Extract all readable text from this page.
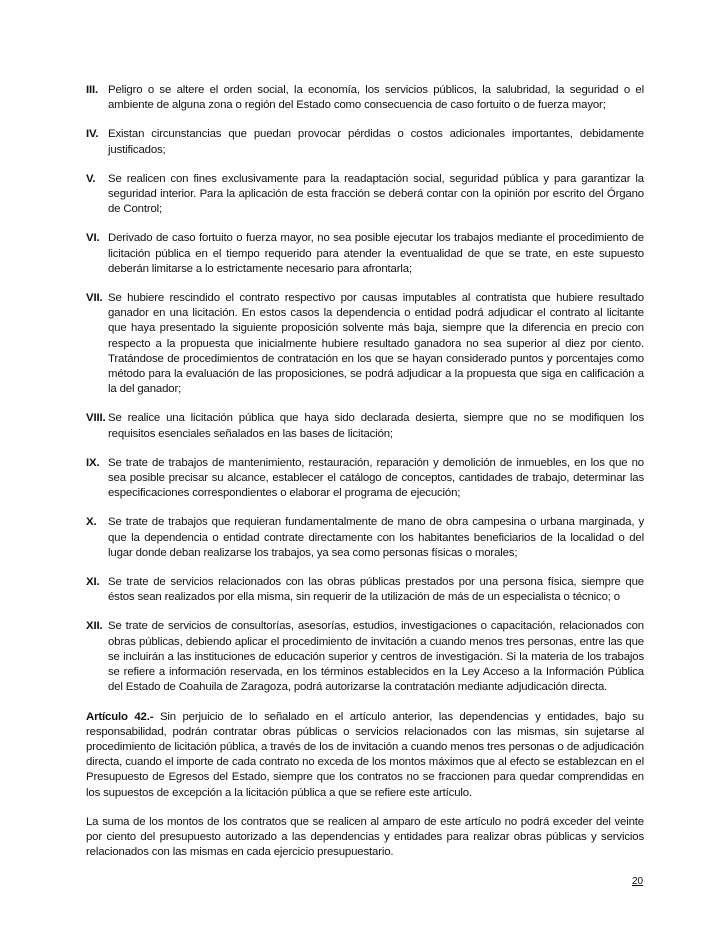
III. Peligro o se altere el orden social, la economía, los servicios públicos, la salubridad, la seguridad o el ambiente de alguna zona o región del Estado como consecuencia de caso fortuito o de fuerza mayor;
IV. Existan circunstancias que puedan provocar pérdidas o costos adicionales importantes, debidamente justificados;
V.	Se realicen con fines exclusivamente para la readaptación social, seguridad pública y para garantizar la seguridad interior. Para la aplicación de esta fracción se deberá contar con la opinión por escrito del Órgano de Control;
VI. Derivado de caso fortuito o fuerza mayor, no sea posible ejecutar los trabajos mediante el procedimiento de licitación pública en el tiempo requerido para atender la eventualidad de que se trate, en este supuesto deberán limitarse a lo estrictamente necesario para afrontarla;
VII. Se hubiere rescindido el contrato respectivo por causas imputables al contratista que hubiere resultado ganador en una licitación. En estos casos la dependencia o entidad podrá adjudicar el contrato al licitante que haya presentado la siguiente proposición solvente más baja, siempre que la diferencia en precio con respecto a la propuesta que inicialmente hubiere resultado ganadora no sea superior al diez por ciento. Tratándose de procedimientos de contratación en los que se hayan considerado puntos y porcentajes como método para la evaluación de las proposiciones, se podrá adjudicar a la propuesta que siga en calificación a la del ganador;
VIII. Se realice una licitación pública que haya sido declarada desierta, siempre que no se modifiquen los requisitos esenciales señalados en las bases de licitación;
IX. Se trate de trabajos de mantenimiento, restauración, reparación y demolición de inmuebles, en los que no sea posible precisar su alcance, establecer el catálogo de conceptos, cantidades de trabajo, determinar las especificaciones correspondientes o elaborar el programa de ejecución;
X.	Se trate de trabajos que requieran fundamentalmente de mano de obra campesina o urbana marginada, y que la dependencia o entidad contrate directamente con los habitantes beneficiarios de la localidad o del lugar donde deban realizarse los trabajos, ya sea como personas físicas o morales;
XI. Se trate de servicios relacionados con las obras públicas prestados por una persona física, siempre que éstos sean realizados por ella misma, sin requerir de la utilización de más de un especialista o técnico; o
XII. Se trate de servicios de consultorías, asesorías, estudios, investigaciones o capacitación, relacionados con obras públicas, debiendo aplicar el procedimiento de invitación a cuando menos tres personas, entre las que se incluirán a las instituciones de educación superior y centros de investigación. Si la materia de los trabajos se refiere a información reservada, en los términos establecidos en la Ley Acceso a la Información Pública del Estado de Coahuila de Zaragoza, podrá autorizarse la contratación mediante adjudicación directa.

Artículo 42.- Sin perjuicio de lo señalado en el artículo anterior, las dependencias y entidades, bajo su responsabilidad, podrán contratar obras públicas o servicios relacionados con las mismas, sin sujetarse al procedimiento de licitación pública, a través de los de invitación a cuando menos tres personas o de adjudicación directa, cuando el importe de cada contrato no exceda de los montos máximos que al efecto se establezcan en el Presupuesto de Egresos del Estado, siempre que los contratos no se fraccionen para quedar comprendidas en los supuestos de excepción a la licitación pública a que se refiere este artículo.

La suma de los montos de los contratos que se realicen al amparo de este artículo no podrá exceder del veinte por ciento del presupuesto autorizado a las dependencias y entidades para realizar obras públicas y servicios relacionados con las mismas en cada ejercicio presupuestario.

20
